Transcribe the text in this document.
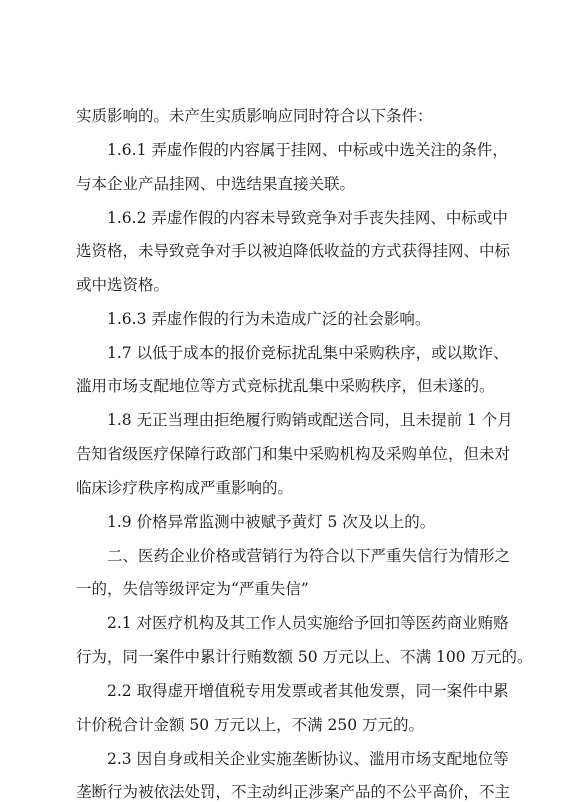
实质影响的。未产生实质影响应同时符合以下条件：
1.6.1 弄虚作假的内容属于挂网、中标或中选关注的条件，
与本企业产品挂网、中选结果直接关联。
1.6.2 弄虚作假的内容未导致竞争对手丧失挂网、中标或中
选资格，未导致竞争对手以被迫降低收益的方式获得挂网、中标
或中选资格。
1.6.3 弄虚作假的行为未造成广泛的社会影响。
1.7 以低于成本的报价竞标扰乱集中采购秩序，或以欺诈、
滥用市场支配地位等方式竞标扰乱集中采购秩序，但未遂的。
1.8 无正当理由拒绝履行购销或配送合同，且未提前 1 个月
告知省级医疗保障行政部门和集中采购机构及采购单位，但未对
临床诊疗秩序构成严重影响的。
1.9 价格异常监测中被赋予黄灯 5 次及以上的。
二、医药企业价格或营销行为符合以下严重失信行为情形之
一的，失信等级评定为“严重失信”
2.1 对医疗机构及其工作人员实施给予回扣等医药商业贿赂
行为，同一案件中累计行贿数额 50 万元以上、不满 100 万元的。
2.2 取得虚开增值税专用发票或者其他发票，同一案件中累
计价税合计金额 50 万元以上，不满 250 万元的。
2.3 因自身或相关企业实施垄断协议、滥用市场支配地位等
垄断行为被依法处罚，不主动纠正涉案产品的不公平高价，不主
